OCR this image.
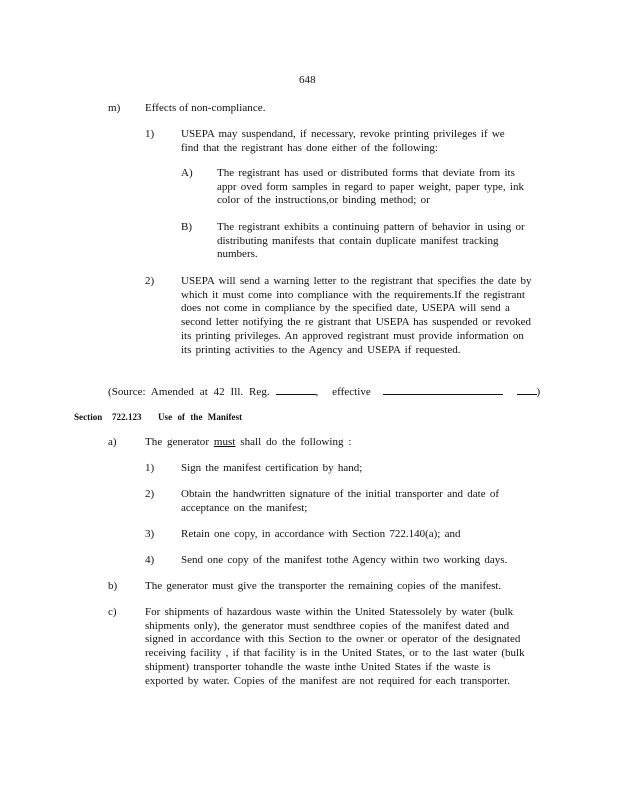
648
m) Effects of non-compliance.
1) USEPA may suspendand, if necessary, revoke printing privileges if we find that the registrant has done either of the following:
A) The registrant has used or distributed forms that deviate from its appr oved form samples in regard to paper weight, paper type, ink color of the instructions,or binding method; or
B) The registrant exhibits a continuing pattern of behavior in using or distributing manifests that contain duplicate manifest tracking numbers.
2) USEPA will send a warning letter to the registrant that specifies the date by which it must come into compliance with the requirements.If the registrant does not come in compliance by the specified date, USEPA will send a second letter notifying the re gistrant that USEPA has suspended or revoked its printing privileges. An approved registrant must provide information on its printing activities to the Agency and USEPA if requested.
(Source: Amended at 42 Ill. Reg.	, effective	)
Section 722.123 Use of the Manifest
a)	The generator must shall do the following :
1) Sign the manifest certification by hand;
2) Obtain the handwritten signature of the initial transporter and date of acceptance on the manifest;
3) Retain one copy, in accordance with Section 722.140(a); and
4) Send one copy of the manifest tothe Agency within two working days.
b)	The generator must give the transporter the remaining copies of the manifest.
c)	For shipments of hazardous waste within the United Statessolely by water (bulk shipments only), the generator must sendthree copies of the manifest dated and signed in accordance with this Section to the owner or operator of the designated receiving facility , if that facility is in the United States, or to the last water (bulk shipment) transporter tohandle the waste inthe United States if the waste is exported by water. Copies of the manifest are not required for each transporter.
